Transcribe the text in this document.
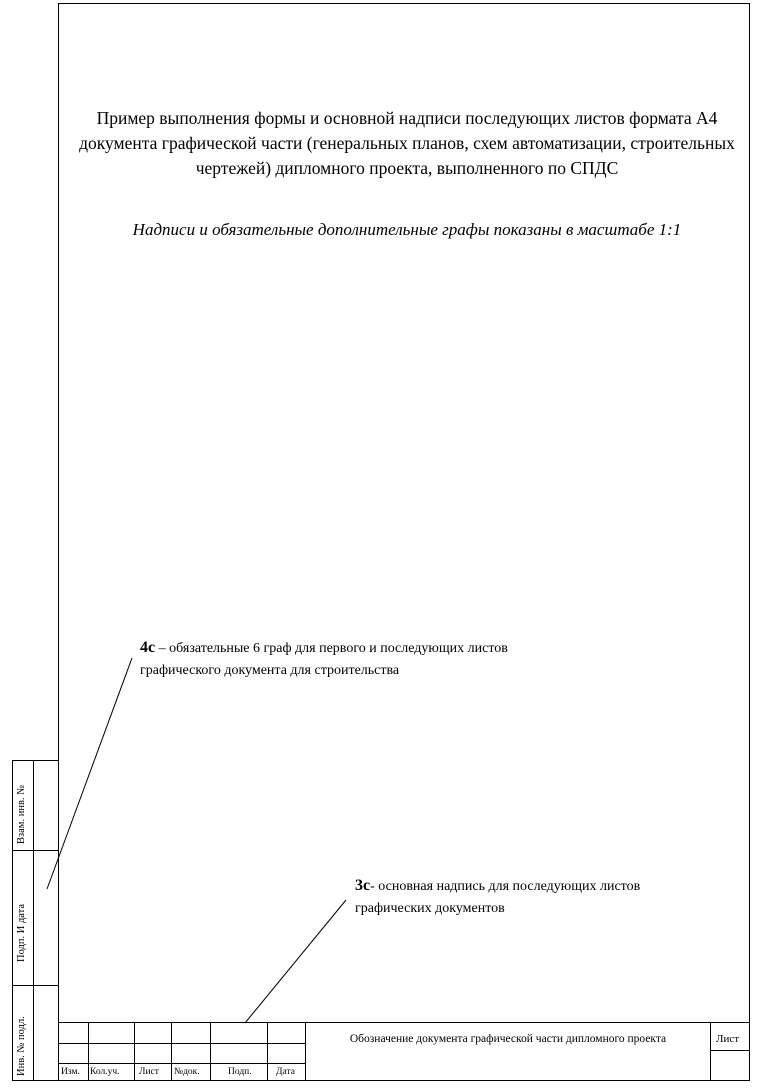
Пример выполнения формы и основной надписи последующих листов формата А4 документа графической части (генеральных планов, схем автоматизации, строительных чертежей) дипломного проекта, выполненного по СПДС
Надписи и обязательные дополнительные графы показаны в масштабе 1:1
4с – обязательные 6 граф для первого и последующих листов графического документа для строительства
3с- основная надпись для последующих листов графических документов
Взам. инв. №
Подп. И дата
Инв. № подл.	Изм. Кол.уч. Лист №док.	Подп.	Дата
Обозначение документа графической части дипломного проекта	Лист
